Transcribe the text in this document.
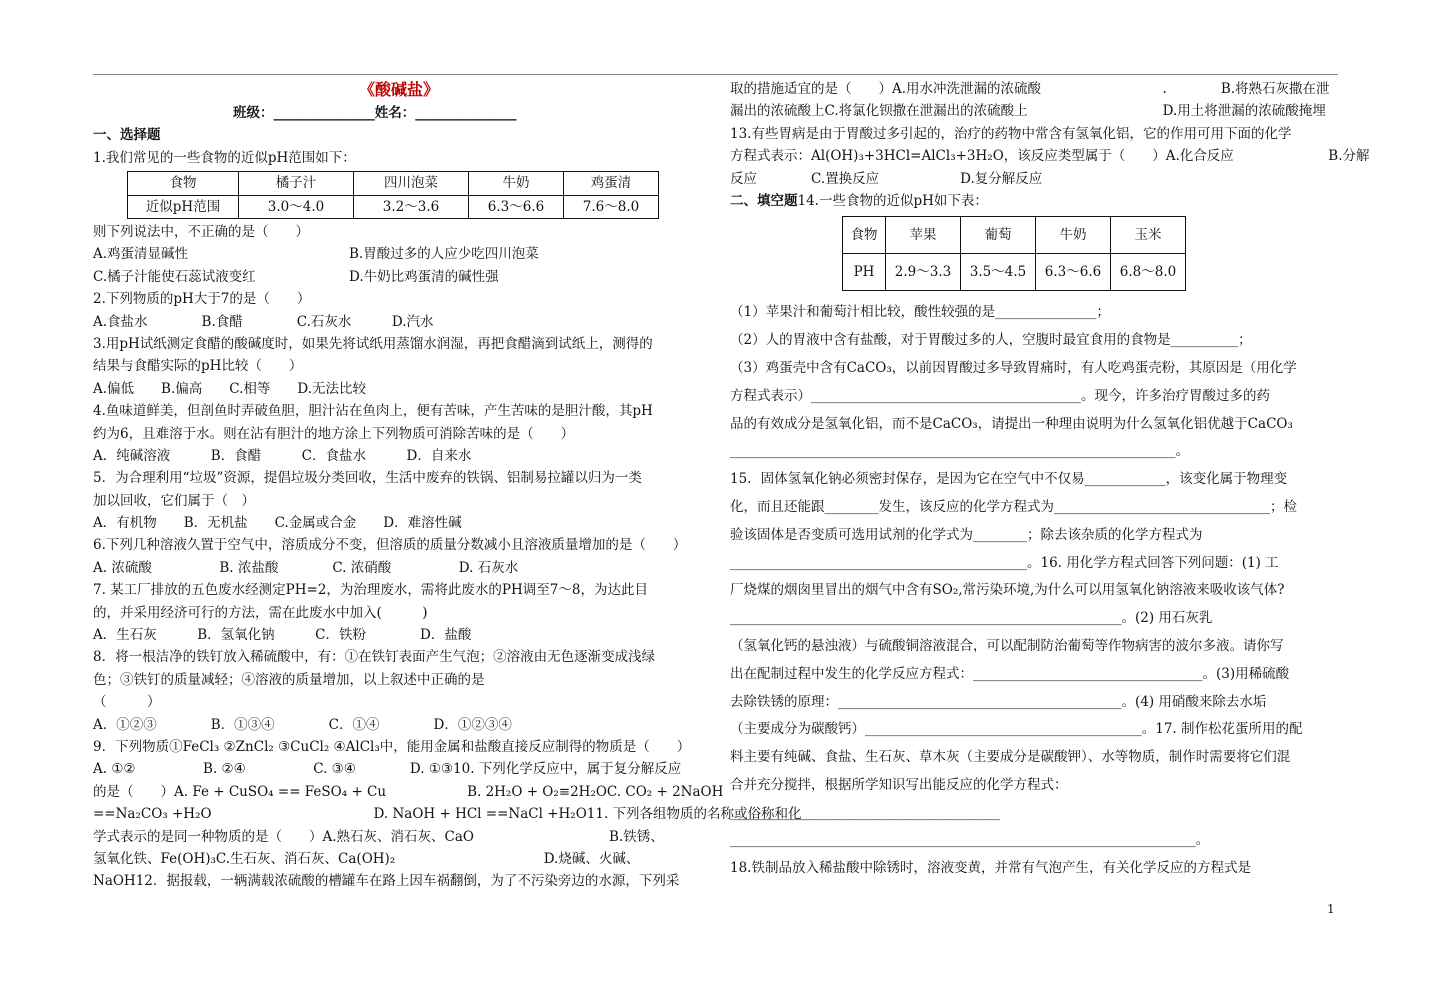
《酸碱盐》
班级：_______________姓名：_______________
一、选择题
1.我们常见的一些食物的近似pH范围如下：
食物	橘子汁	四川泡菜	牛奶	鸡蛋清
近似pH范围	3.0～4.0	3.2～3.6	6.3～6.6	7.6～8.0
则下列说法中，不正确的是（　　）
A.鸡蛋清显碱性	B.胃酸过多的人应少吃四川泡菜
C.橘子汁能使石蕊试液变红	D.牛奶比鸡蛋清的碱性强
2.下列物质的pH大于7的是（　　）
A.食盐水　　　　B.食醋　　　　C.石灰水　　　D.汽水
3.用pH试纸测定食醋的酸碱度时，如果先将试纸用蒸馏水润湿，再把食醋滴到试纸上，测得的
结果与食醋实际的pH比较（　　）
A.偏低　　B.偏高　　C.相等　　D.无法比较
4.鱼味道鲜美，但剖鱼时弄破鱼胆，胆汁沾在鱼肉上，便有苦味，产生苦味的是胆汁酸，其pH
约为6，且难溶于水。则在沾有胆汁的地方涂上下列物质可消除苦味的是（　　）
A．纯碱溶液　　　B．食醋　　　C．食盐水　　　D．自来水
5．为合理利用“垃圾”资源，提倡垃圾分类回收，生活中废弃的铁锅、铝制易拉罐以归为一类
加以回收，它们属于（　）
A．有机物　　B．无机盐　　C.金属或合金　　D．难溶性碱
6.下列几种溶液久置于空气中，溶质成分不变，但溶质的质量分数减小且溶液质量增加的是（　　）
A. 浓硫酸　　　　　B. 浓盐酸　　　　C. 浓硝酸　　　　　D. 石灰水
7. 某工厂排放的五色废水经测定PH=2，为治理废水，需将此废水的PH调至7～8，为达此目
的，并采用经济可行的方法，需在此废水中加入(　　　)
A．生石灰　　　B．氢氧化钠　　　C．铁粉　　　　D．盐酸
8．将一根洁净的铁钉放入稀硫酸中，有：①在铁钉表面产生气泡；②溶液由无色逐渐变成浅绿
色；③铁钉的质量减轻；④溶液的质量增加，以上叙述中正确的是
（　　　）
A．①②③　　　　B．①③④　　　　C．①④　　　　D．①②③④
9．下列物质①FeCl₃ ②ZnCl₂ ③CuCl₂ ④AlCl₃中，能用金属和盐酸直接反应制得的物质是（　　）
A. ①②　　　　　B. ②④　　　　　C. ③④　　　　D. ①③10. 下列化学反应中，属于复分解反应
的是（　　）A. Fe + CuSO₄ == FeSO₄ + Cu　　　　　　B. 2H₂O + O₂≡2H₂OC. CO₂ + 2NaOH
==Na₂CO₃ +H₂O　　　　　　　　　　　　D. NaOH + HCl ==NaCl +H₂O11. 下列各组物质的名称或俗称和化
学式表示的是同一种物质的是（　　）A.熟石灰、消石灰、CaO　　　　　　　　　　B.铁锈、
氢氧化铁、Fe(OH)₃C.生石灰、消石灰、Ca(OH)₂　　　　　　　　　　　D.烧碱、火碱、
NaOH12．据报载，一辆满载浓硫酸的槽罐车在路上因车祸翻倒，为了不污染旁边的水源，下列采
取的措施适宜的是（　　）A.用水冲洗泄漏的浓硫酸　　　　　　　　　.　　　　B.将熟石灰撒在泄
漏出的浓硫酸上C.将氯化钡撒在泄漏出的浓硫酸上　　　　　　　　　　D.用土将泄漏的浓硫酸掩埋
13.有些胃病是由于胃酸过多引起的，治疗的药物中常含有氢氧化铝，它的作用可用下面的化学
方程式表示：Al(OH)₃+3HCl=AlCl₃+3H₂O，该反应类型属于（　　）A.化合反应　　　　　　　B.分解
反应　　　　C.置换反应　　　　　　D.复分解反应
二、填空题14.一些食物的近似pH如下表：
食物	苹果	葡萄	牛奶	玉米
PH	2.9～3.3	3.5～4.5	6.3～6.6	6.8～8.0
（1）苹果汁和葡萄汁相比较，酸性较强的是_______________；
（2）人的胃液中含有盐酸，对于胃酸过多的人，空腹时最宜食用的食物是__________；
（3）鸡蛋壳中含有CaCO₃，以前因胃酸过多导致胃痛时，有人吃鸡蛋壳粉，其原因是（用化学
方程式表示）________________________________________。现今，许多治疗胃酸过多的药
品的有效成分是氢氧化铝，而不是CaCO₃，请提出一种理由说明为什么氢氧化铝优越于CaCO₃
__________________________________________________________________。
15．固体氢氧化钠必须密封保存，是因为它在空气中不仅易____________，该变化属于物理变
化，而且还能跟________发生，该反应的化学方程式为________________________________；检
验该固体是否变质可选用试剂的化学式为________；除去该杂质的化学方程式为
____________________________________________。16. 用化学方程式回答下列问题：(1) 工
厂烧煤的烟囱里冒出的烟气中含有SO₂,常污染环境,为什么可以用氢氧化钠溶液来吸收该气体?
__________________________________________________________。(2) 用石灰乳
（氢氧化钙的悬浊液）与硫酸铜溶液混合，可以配制防治葡萄等作物病害的波尔多液。请你写
出在配制过程中发生的化学反应方程式：__________________________________。(3)用稀硫酸
去除铁锈的原理：__________________________________________。(4) 用硝酸来除去水垢
（主要成分为碳酸钙）_________________________________________。17. 制作松花蛋所用的配
料主要有纯碱、食盐、生石灰、草木灰（主要成分是碳酸钾）、水等物质，制作时需要将它们混
合并充分搅拌，根据所学知识写出能反应的化学方程式：
________________________________________
_____________________________________________________________________。
18.铁制品放入稀盐酸中除锈时，溶液变黄，并常有气泡产生，有关化学反应的方程式是
1
